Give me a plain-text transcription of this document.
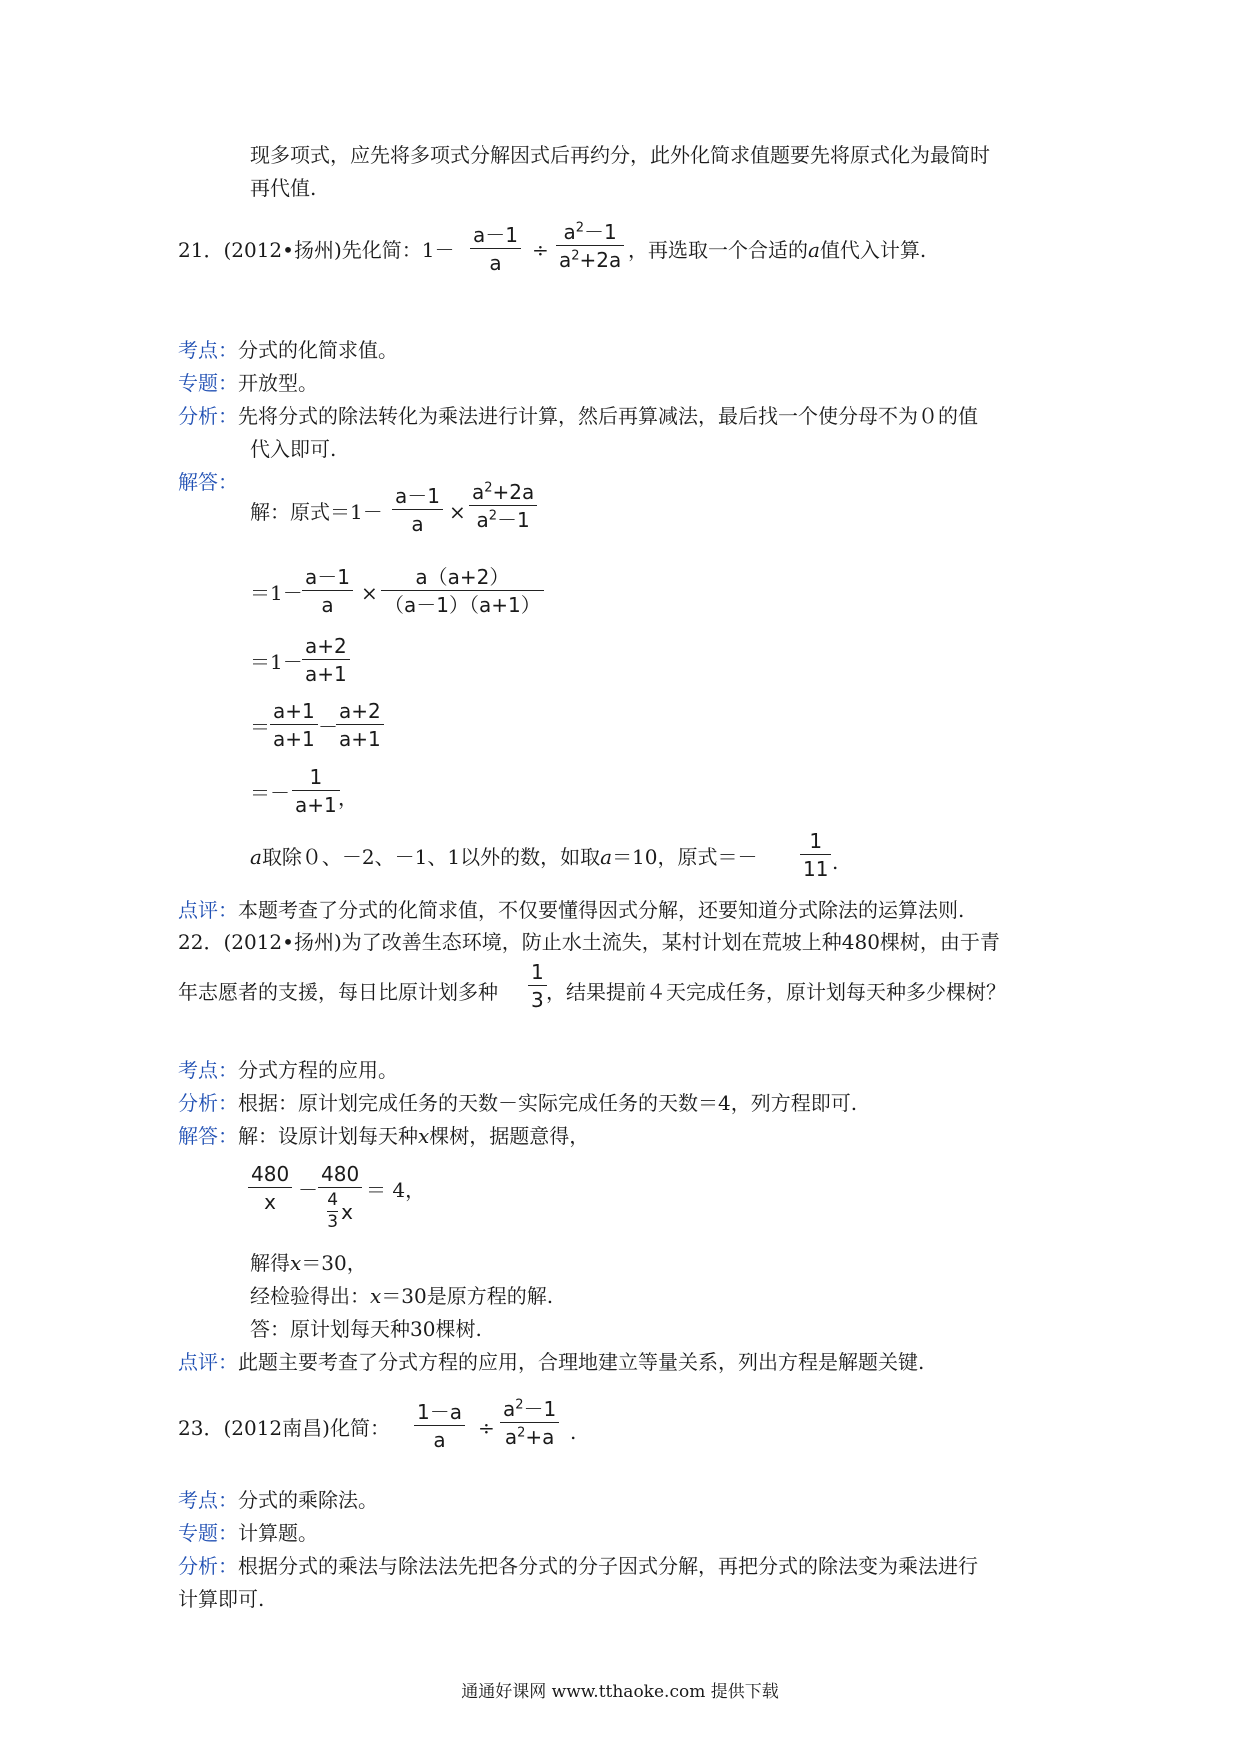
现多项式，应先将多项式分解因式后再约分，此外化简求值题要先将原式化为最简时
再代值.
21．(2012•扬州)先化简：1－
a－1
a
÷
$a^2-1$
$a^2+2a$ ，再选取一个合适的a值代入计算.
考点：分式的化简求值。
专题：开放型。
分析：先将分式的除法转化为乘法进行计算，然后再算减法，最后找一个使分母不为０的值
代入即可.
解答：
解：原式＝1－
a－1
a ×
$a^2+2a$
$a^2-1$
＝1－
a－1
a ×
a（a+2）
（a－1）（a+1）
＝1－
a+2
a+1
＝
a+1
a+1 －
a+2
a+1
＝－
1
a+1 ，
a取除０、－2、－1、1以外的数，如取a＝10，原式＝－
1
11 .
点评：本题考查了分式的化简求值，不仅要懂得因式分解，还要知道分式除法的运算法则.
22．(2012•扬州)为了改善生态环境，防止水土流失，某村计划在荒坡上种480棵树，由于青
年志愿者的支援，每日比原计划多种
1
3 ，结果提前４天完成任务，原计划每天种多少棵树？
考点：分式方程的应用。
分析：根据：原计划完成任务的天数－实际完成任务的天数＝4，列方程即可.
解答：解：设原计划每天种x棵树，据题意得，
480
x －
480
4
3 x
＝ 4，
解得x＝30，
经检验得出：x＝30是原方程的解.
答：原计划每天种30棵树.
点评：此题主要考查了分式方程的应用，合理地建立等量关系，列出方程是解题关键.
23．(2012南昌)化简：
1－a
a ÷
$a^2-1$
$a^2+a$ .
考点：分式的乘除法。
专题：计算题。
分析：根据分式的乘法与除法法先把各分式的分子因式分解，再把分式的除法变为乘法进行
计算即可.
通通好课网 www.tthaoke.com 提供下载
